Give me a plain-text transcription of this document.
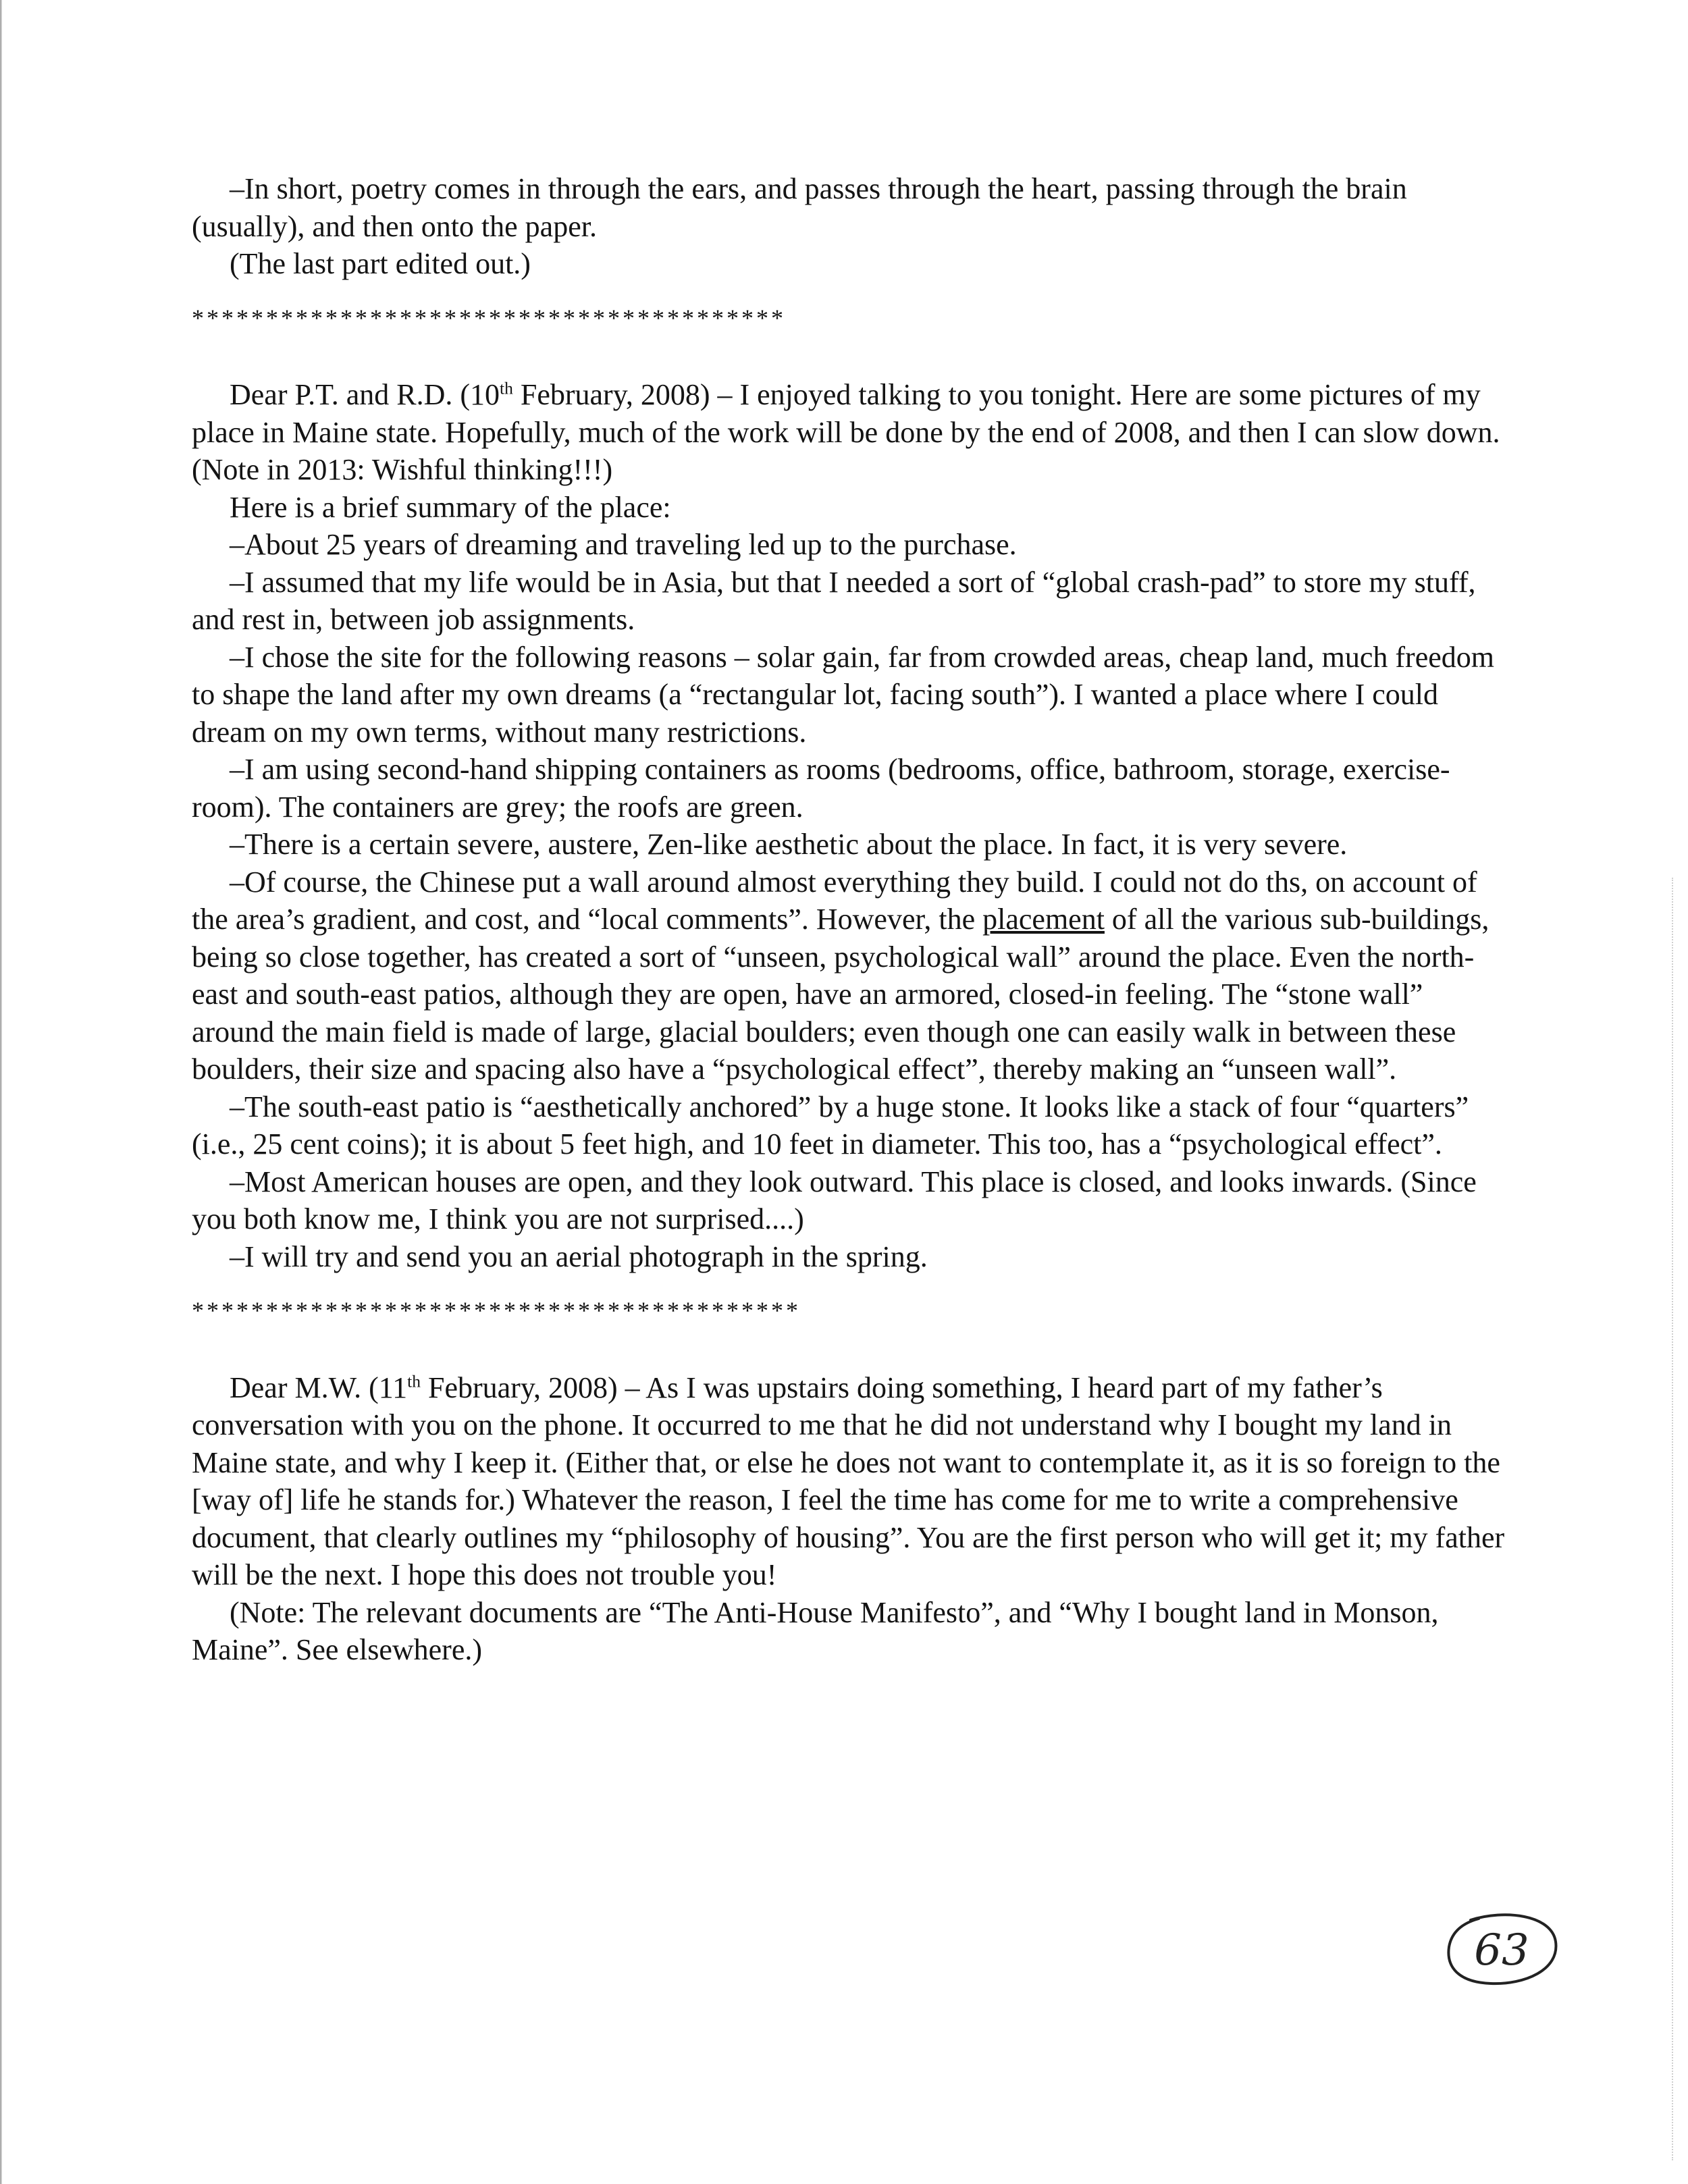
–In short, poetry comes in through the ears, and passes through the heart, passing through the brain (usually), and then onto the paper.

(The last part edited out.)

****************************************

Dear P.T. and R.D. (10th February, 2008) – I enjoyed talking to you tonight. Here are some pictures of my place in Maine state. Hopefully, much of the work will be done by the end of 2008, and then I can slow down. (Note in 2013: Wishful thinking!!!)

Here is a brief summary of the place:

–About 25 years of dreaming and traveling led up to the purchase.

–I assumed that my life would be in Asia, but that I needed a sort of “global crash-pad” to store my stuff, and rest in, between job assignments.

–I chose the site for the following reasons – solar gain, far from crowded areas, cheap land, much freedom to shape the land after my own dreams (a “rectangular lot, facing south”). I wanted a place where I could dream on my own terms, without many restrictions.

–I am using second-hand shipping containers as rooms (bedrooms, office, bathroom, storage, exercise-room). The containers are grey; the roofs are green.

–There is a certain severe, austere, Zen-like aesthetic about the place. In fact, it is very severe.

–Of course, the Chinese put a wall around almost everything they build. I could not do ths, on account of the area’s gradient, and cost, and “local comments”. However, the placement of all the various sub-buildings, being so close together, has created a sort of “unseen, psychological wall” around the place. Even the north-east and south-east patios, although they are open, have an armored, closed-in feeling. The “stone wall” around the main field is made of large, glacial boulders; even though one can easily walk in between these boulders, their size and spacing also have a “psychological effect”, thereby making an “unseen wall”.

–The south-east patio is “aesthetically anchored” by a huge stone. It looks like a stack of four “quarters” (i.e., 25 cent coins); it is about 5 feet high, and 10 feet in diameter. This too, has a “psychological effect”.

–Most American houses are open, and they look outward. This place is closed, and looks inwards. (Since you both know me, I think you are not surprised....)

–I will try and send you an aerial photograph in the spring.

*****************************************

Dear M.W. (11th February, 2008) – As I was upstairs doing something, I heard part of my father’s conversation with you on the phone. It occurred to me that he did not understand why I bought my land in Maine state, and why I keep it. (Either that, or else he does not want to contemplate it, as it is so foreign to the [way of] life he stands for.) Whatever the reason, I feel the time has come for me to write a comprehensive document, that clearly outlines my “philosophy of housing”. You are the first person who will get it; my father will be the next. I hope this does not trouble you!

(Note: The relevant documents are “The Anti-House Manifesto”, and “Why I bought land in Monson, Maine”. See elsewhere.)

63
